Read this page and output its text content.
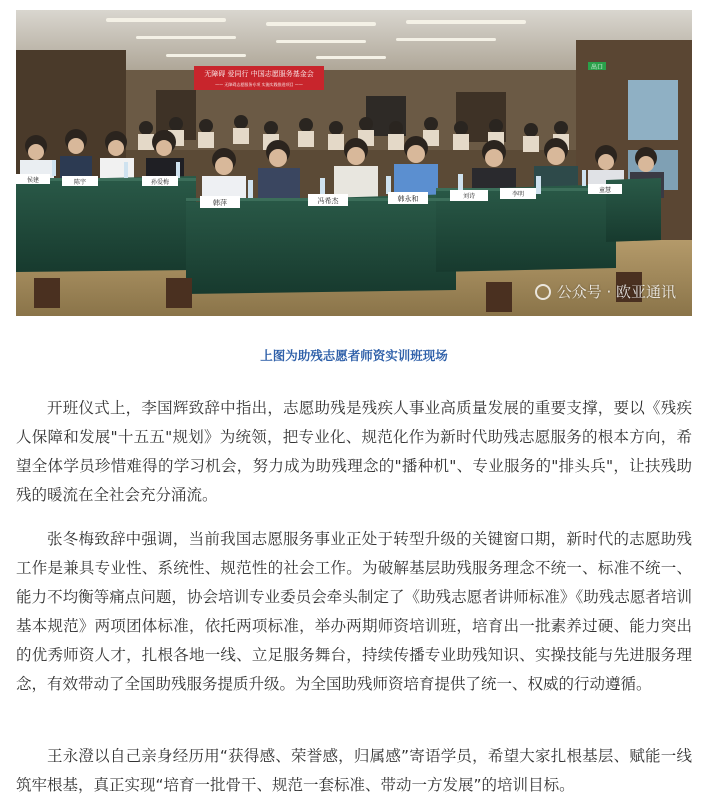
无障碍 爱同行 中国志愿服务基金会
—— 无障碍志愿服务专项 实施实践推进项目 ——
出口
陈宇	孙爱梅
侯建
韩萍	冯希杰	韩永和	刘诗	李明
童慧
公众号 · 欧亚通讯
上图为助残志愿者师资实训班现场

开班仪式上，李国辉致辞中指出，志愿助残是残疾人事业高质量发展的重要支撑，要以《残疾人保障和发展"十五五"规划》为统领，把专业化、规范化作为新时代助残志愿服务的根本方向，希望全体学员珍惜难得的学习机会，努力成为助残理念的"播种机"、专业服务的"排头兵"，让扶残助残的暖流在全社会充分涌流。

张冬梅致辞中强调，当前我国志愿服务事业正处于转型升级的关键窗口期，新时代的志愿助残工作是兼具专业性、系统性、规范性的社会工作。为破解基层助残服务理念不统一、标准不统一、能力不均衡等痛点问题，协会培训专业委员会牵头制定了《助残志愿者讲师标准》《助残志愿者培训基本规范》两项团体标准，依托两项标准，举办两期师资培训班，培育出一批素养过硬、能力突出的优秀师资人才，扎根各地一线、立足服务舞台，持续传播专业助残知识、实操技能与先进服务理念，有效带动了全国助残服务提质升级。为全国助残师资培育提供了统一、权威的行动遵循。

王永澄以自己亲身经历用“获得感、荣誉感，归属感”寄语学员，希望大家扎根基层、赋能一线筑牢根基，真正实现“培育一批骨干、规范一套标准、带动一方发展”的培训目标。
